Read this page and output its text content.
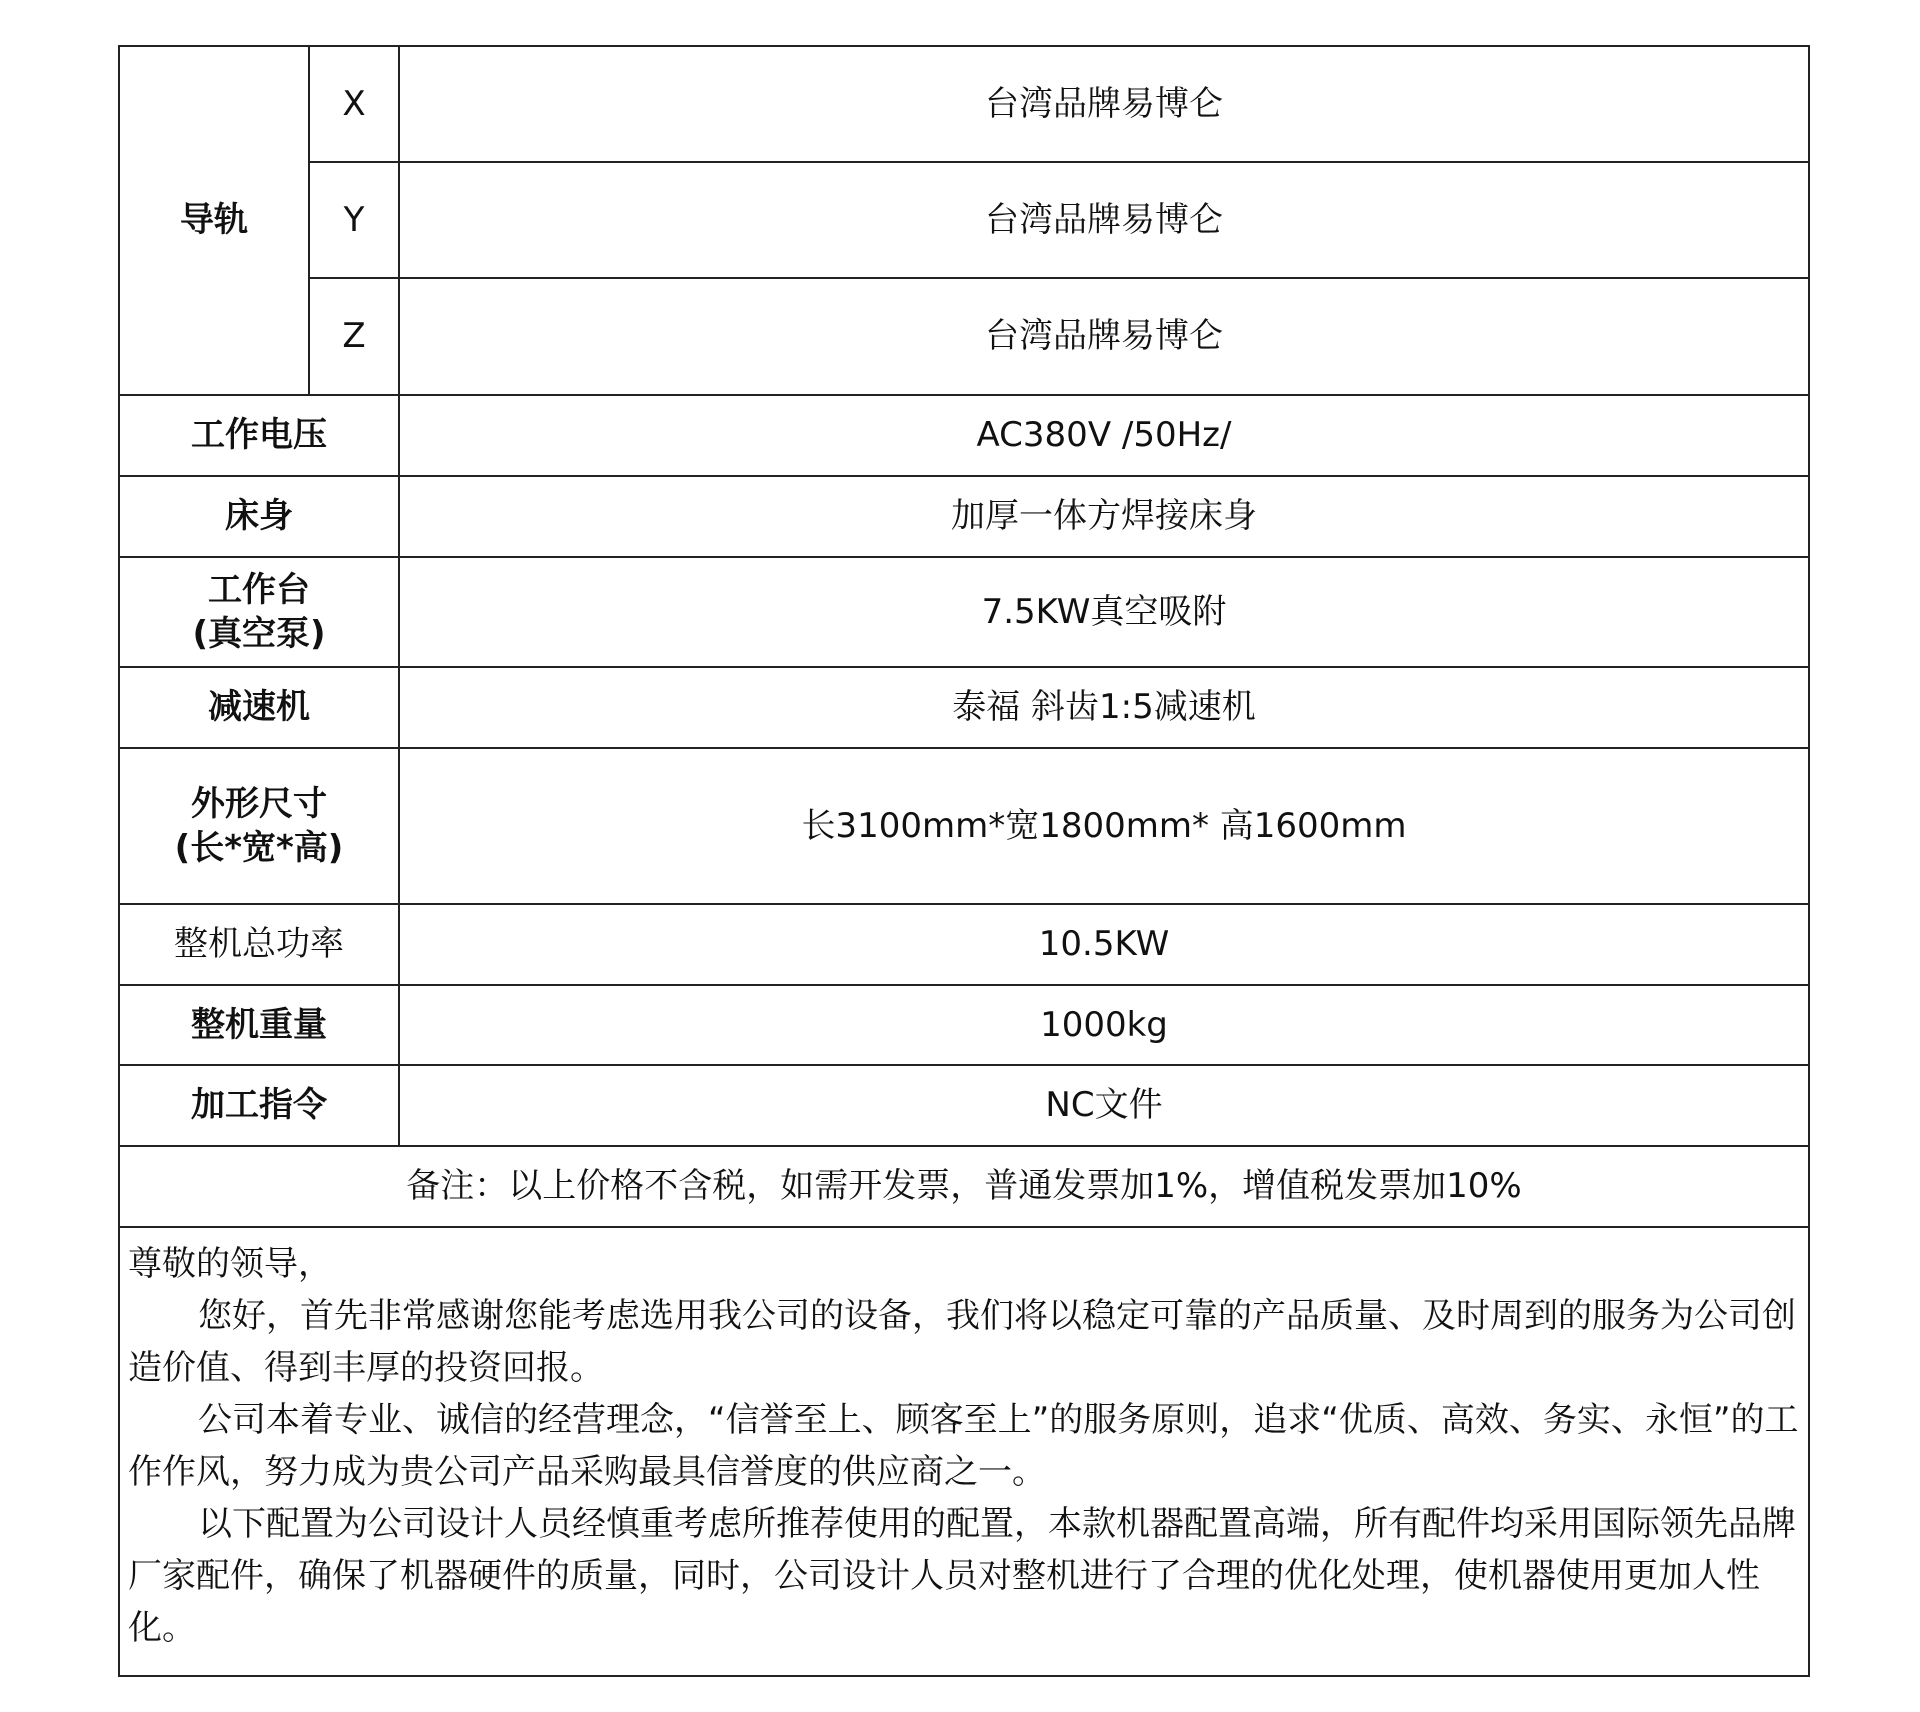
导轨	X	台湾品牌易博仑
	Y	台湾品牌易博仑
	Z	台湾品牌易博仑
工作电压		AC380V /50Hz/
床身		加厚一体方焊接床身

工作台
(真空泵)		7.5KW真空吸附
减速机		泰福 斜齿1:5减速机

外形尺寸
(长*宽*高)		长3100mm*宽1800mm* 高1600mm
整机总功率		10.5KW
整机重量		1000kg
加工指令		NC文件
备注：以上价格不含税，如需开发票，普通发票加1%，增值税发票加10%		

尊敬的领导，

您好，首先非常感谢您能考虑选用我公司的设备，我们将以稳定可靠的产品质量、及时周到的服务为公司创造价值、得到丰厚的投资回报。

公司本着专业、诚信的经营理念，“信誉至上、顾客至上”的服务原则，追求“优质、高效、务实、永恒”的工作作风，努力成为贵公司产品采购最具信誉度的供应商之一。

以下配置为公司设计人员经慎重考虑所推荐使用的配置，本款机器配置高端，所有配件均采用国际领先品牌厂家配件，确保了机器硬件的质量，同时，公司设计人员对整机进行了合理的优化处理，使机器使用更加人性化。		
